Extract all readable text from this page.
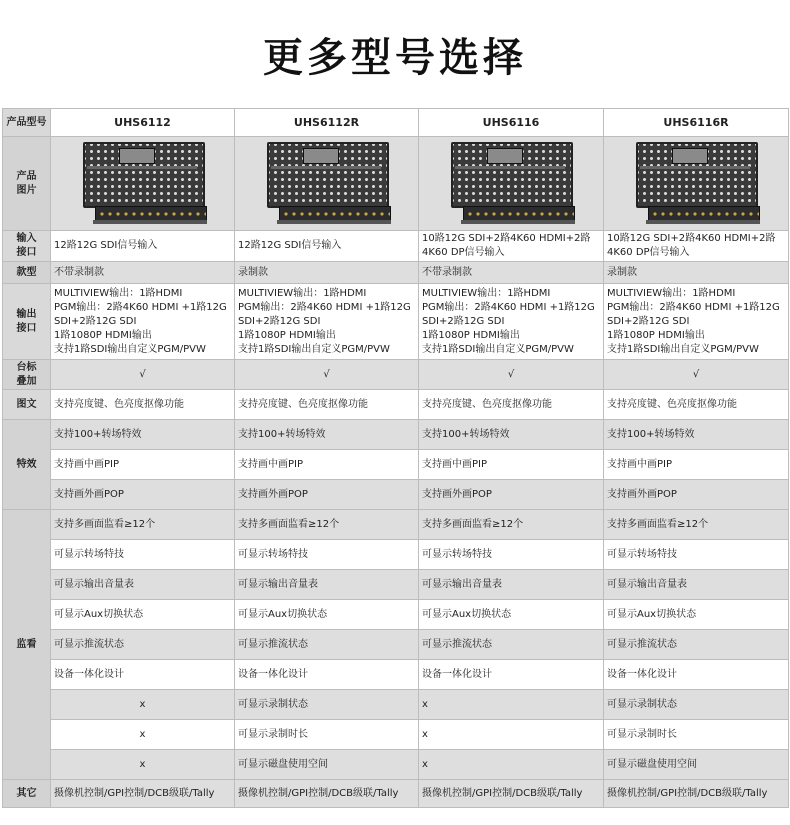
更多型号选择
产品型号	UHS6112	UHS6112R	UHS6116	UHS6116R
产品
图片	

输入
接口	12路12G SDI信号输入	12路12G SDI信号输入	10路12G SDI+2路4K60 HDMI+2路4K60 DP信号输入	10路12G SDI+2路4K60 HDMI+2路4K60 DP信号输入
款型	不带录制款	录制款	不带录制款	录制款
输出
接口	MULTIVIEW输出：1路HDMI
PGM输出：2路4K60 HDMI +1路12G SDI+2路12G SDI
1路1080P HDMI输出
支持1路SDI输出自定义PGM/PVW	MULTIVIEW输出：1路HDMI
PGM输出：2路4K60 HDMI +1路12G SDI+2路12G SDI
1路1080P HDMI输出
支持1路SDI输出自定义PGM/PVW	MULTIVIEW输出：1路HDMI
PGM输出：2路4K60 HDMI +1路12G SDI+2路12G SDI
1路1080P HDMI输出
支持1路SDI输出自定义PGM/PVW	MULTIVIEW输出：1路HDMI
PGM输出：2路4K60 HDMI +1路12G SDI+2路12G SDI
1路1080P HDMI输出
支持1路SDI输出自定义PGM/PVW
台标
叠加	√	√	√	√
图文	支持亮度键、色亮度抠像功能	支持亮度键、色亮度抠像功能	支持亮度键、色亮度抠像功能	支持亮度键、色亮度抠像功能
特效	支持100+转场特效	支持100+转场特效	支持100+转场特效	支持100+转场特效
	支持画中画PIP	支持画中画PIP	支持画中画PIP	支持画中画PIP
	支持画外画POP	支持画外画POP	支持画外画POP	支持画外画POP
监看	支持多画面监看≥12个	支持多画面监看≥12个	支持多画面监看≥12个	支持多画面监看≥12个
	可显示转场特技	可显示转场特技	可显示转场特技	可显示转场特技
	可显示输出音量表	可显示输出音量表	可显示输出音量表	可显示输出音量表
	可显示Aux切换状态	可显示Aux切换状态	可显示Aux切换状态	可显示Aux切换状态
	可显示推流状态	可显示推流状态	可显示推流状态	可显示推流状态
	设备一体化设计	设备一体化设计	设备一体化设计	设备一体化设计
	x	可显示录制状态	x	可显示录制状态
	x	可显示录制时长	x	可显示录制时长
	x	可显示磁盘使用空间	x	可显示磁盘使用空间
其它	摄像机控制/GPI控制/DCB级联/Tally	摄像机控制/GPI控制/DCB级联/Tally	摄像机控制/GPI控制/DCB级联/Tally	摄像机控制/GPI控制/DCB级联/Tally
